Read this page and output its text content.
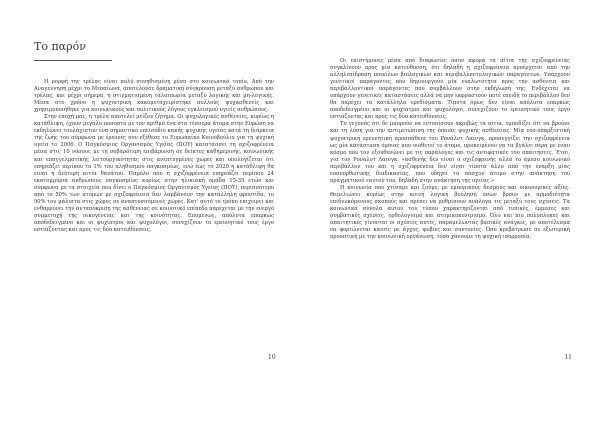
Το παρόν

Η μορφή της τρέλας είναι πολύ συνηθισμένη μέσα στο κοινωνικό τοπίο. Από την Αναγέννηση μέχρι το Μεσαίωνα, αποτελούσε δραματική σύγκρουση μεταξύ ανθρώπου και τρέλας, και μέχρι σήμερα, η στιγματισμένη ταλαιπωρία μεταξύ λογικής και μη-λογικής. Μέσα στο χρόνο η ψυχιατρική κακομεταχειρίστηκε πολλούς ψυχασθενείς και χρησιμοποιήθηκε για κοινωνικούς και πολιτικούς λόγους εγκλεισμού υγιείς ανθρώπους.

Στην εποχή μας, η τρέλα αποτελεί μείζον ζήτημα. Οι ψυχολογικές ασθένειες, κυρίως η κατάθλιψη, έχουν μεγάλο ποσοστό με τον αριθμό ένα στα τέσσερα άτομα στην Ευρώπη να εκδηλώνει τουλάχιστον ένα σημαντικό επεισόδιο κακής ψυχικής υγείας κατά τη διάρκεια της ζωής του σύμφωνα με έρευνες που εξέθεσε το Ευρωπαϊκό Κοινοβούλιο για τη ψυχική υγεία το 2006. Ο Παγκόσμιος Οργανισμός Υγείας (ΠΟΥ) κατατάσσει τη σχιζοφρένεια μέσα στις 10 νόσους με τη σοβαρότερη επιβάρυνση σε δείκτες καθημερινής, κοινωνικής και επαγγελματικής λειτουργικότητας στις ανεπτυγμένες χώρες και υπολογίζεται ότι επηρεάζει περίπου το 1% του πληθυσμού παγκοσμίως, ενώ έως το 2020 η κατάθλιψη θα είναι η δεύτερη αιτία θανάτου. Παρόλο που η σχιζοφρένεια επηρεάζει περίπου 24 εκατομμύρια ανθρώπους παγκοσμίως κυρίως στην ηλικιακή ομάδα 15-35 ετών και σύμφωνα με τα στοιχεία που δίνει ο Παγκόσμιος Οργανισμός Υγείας (ΠΟΥ), περισσότερο από το 50% των ατόμων με σχιζοφρένεια δεν λαμβάνουν την κατάλληλη φροντίδα, το 90% του μάλιστα στις χώρες σε αναπτυσσόμενες χώρες. Κατ' αυτό το τρόπο επιχειρεί και ενθαρρύνει την ανταπόκριση της ασθένειας σε κοινοτικό επίπεδο παρέχεται με την ενεργό συμμετοχή της οικογένειας και της κοινότητας. Επομένως, απόλυτα επαρκώς αποδεδειγμένο και οι ψυχίατροι και ψυχολόγοι, συνεχίζουν το ερευνητικό τους έργο εστιάζοντας και προς τις δύο κατευθύνσεις.

10

Οι επιστήμονες μέσα από διαφωνίες όσον αφορά τα αίτια της σχιζοφρένειας συγκλίνουν προς μία κατεύθυνση, ότι δηλαδή η σχιζοφρένεια προέρχεται από την αλληλεπίδραση ποικίλων βιολογικών και περιβαλλοντολογικών παραγόντων. Υπάρχουν γενετικοί παράγοντες που δημιουργούν μία ευαλωτότητα προς την ασθένεια και περιβαλλοντικοί παράγοντες που συμβάλλουν στην εκδήλωσή της. Ενδέχεται να υπάρχουν γενετικές καταστάσεις αλλά να μην εκφραστούν ποτέ επειδή το περιβάλλον δεν θα παρέχει τα κατάλληλα ερεθίσματα. Τίποτα όμως δεν είναι απόλυτα επαρκώς αποδεδειγμένο και οι ψυχίατροι και ψυχολόγοι, συνεχίζουν το ερευνητικό τους έργο εστιάζοντας και προς τις δύο κατευθύνσεις.

Το γεγονός ότι δε μπορούν να εντοπίσουν ακριβώς τα αίτια, εμποδίζει ότι να βρούνε και τη λύση για την αντιμετώπιση της όποιας ψυχικής ασθένειας. Μία νεο-υπαρξιστική ψυχιατρική ερευνητική προσπάθεια του Ρονάλντ Λαινγκ, προσεγγίζει την σχιζοφρένεια ως μία κατάσταση όμοιας που υιοθετεί το άτομο, προκειμένου να τα βγάλει πέρα με έναν κόσμο που τον εξουθενώνει με τις παράλογες και τις αντιφατικές του απαιτήσεις. Έτσι, για τον Ρονάλντ Λαινγκ, «ασθενής δεν είναι ο σχιζοφρενής αλλά το άμεσο κοινωνικό περιβάλλον του και η σχιζοφρένεια δεν είναι τίποτα άλλο από την έναρξη μίας επανορθωτικής διαδικασίας, που οδηγεί το πάσχον άτομο στην ανάκτηση του πραγματικού εαυτού του, δηλαδή στην ανάκτηση της υγείας.»

Η κοινωνία που χτίσαμε και ζούμε, με εμπορικούς δεσμούς και οικονομικές αξίες. Θεμελιώνει κυρίως στην κοινή λογική βούληση όσων βρουν με αρμοδιότητα επιδιωκόμενους σκοπούς και πρέπει να ρυθμίσουν ανάλογα τις μεταξύ τους σχέσεις. Τα κοινωνικά σύνολα αυτού του τύπου χαρακτηρίζονται από τυπικές, έμμεσες και συμβατικές σχέσεις, ορθολογισμό και ατομικοκεντρισμό. Όλο και πιο πολύπλοκες και απαιτητικές γίνονται οι σχέσεις αυτές, παραμελώντας βασικές ανάγκες, με αποτέλεσμα να φορτώνεται κανείς με άγχος, φοβίες και συντονίες. Όσο κρεβάτρωσε σε εξωτερική προοπτική με την κοινωνική οργάνωση, τόσο χάνουμε τη ψυχική ισορροπία.

11
